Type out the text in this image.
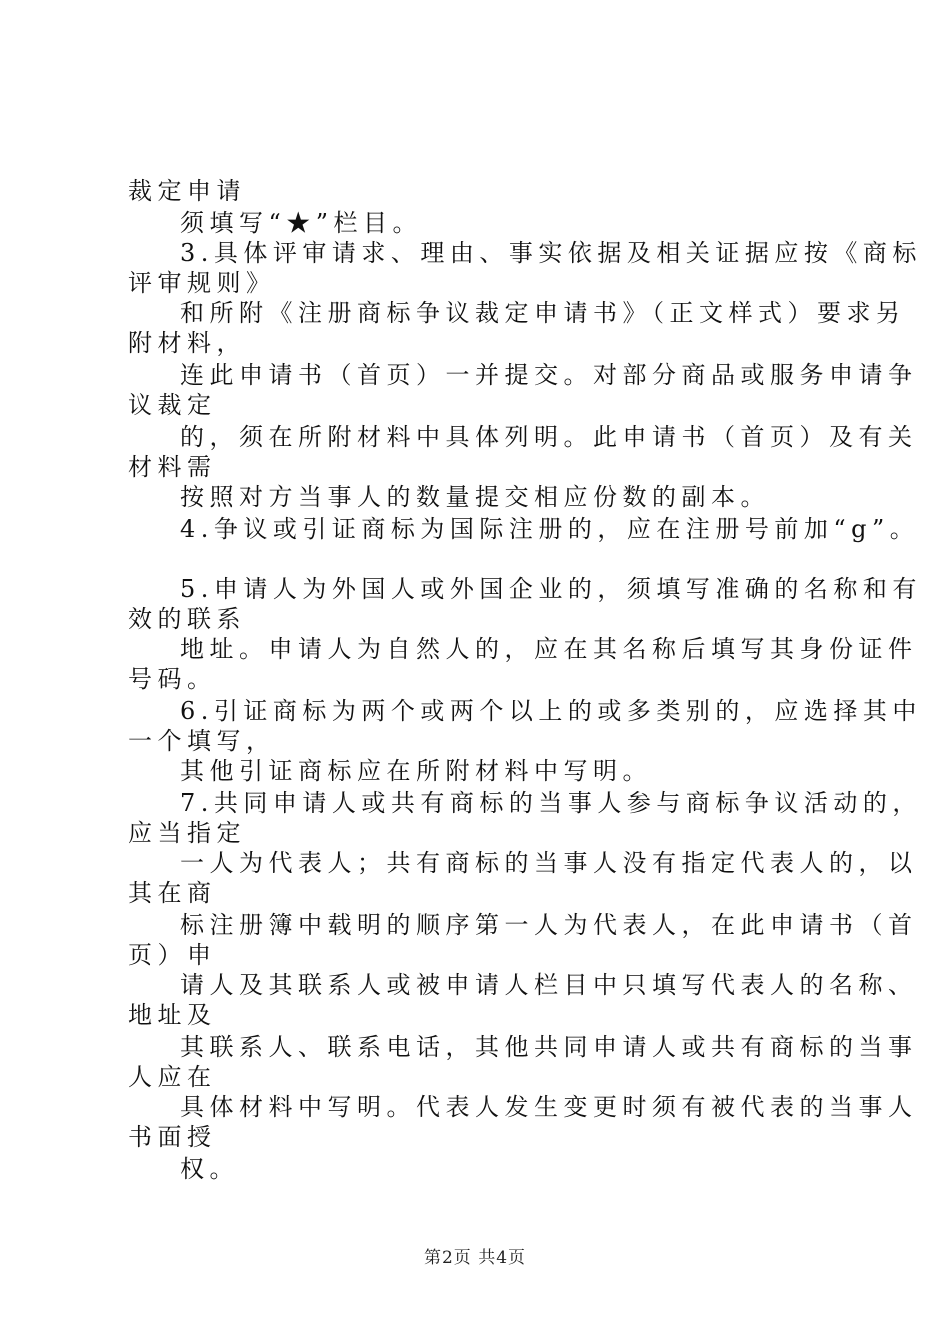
裁定申请
须填写“★”栏目。
3.具体评审请求、理由、事实依据及相关证据应按《商标
评审规则》
和所附《注册商标争议裁定申请书》（正文样式）要求另
附材料，
连此申请书（首页）一并提交。对部分商品或服务申请争
议裁定
的，须在所附材料中具体列明。此申请书（首页）及有关
材料需
按照对方当事人的数量提交相应份数的副本。
4.争议或引证商标为国际注册的，应在注册号前加“g”。
5.申请人为外国人或外国企业的，须填写准确的名称和有
效的联系
地址。申请人为自然人的，应在其名称后填写其身份证件
号码。
6.引证商标为两个或两个以上的或多类别的，应选择其中
一个填写，
其他引证商标应在所附材料中写明。
7.共同申请人或共有商标的当事人参与商标争议活动的，
应当指定
一人为代表人；共有商标的当事人没有指定代表人的，以
其在商
标注册簿中载明的顺序第一人为代表人，在此申请书（首
页）申
请人及其联系人或被申请人栏目中只填写代表人的名称、
地址及
其联系人、联系电话，其他共同申请人或共有商标的当事
人应在
具体材料中写明。代表人发生变更时须有被代表的当事人
书面授
权。
第2页 共4页
